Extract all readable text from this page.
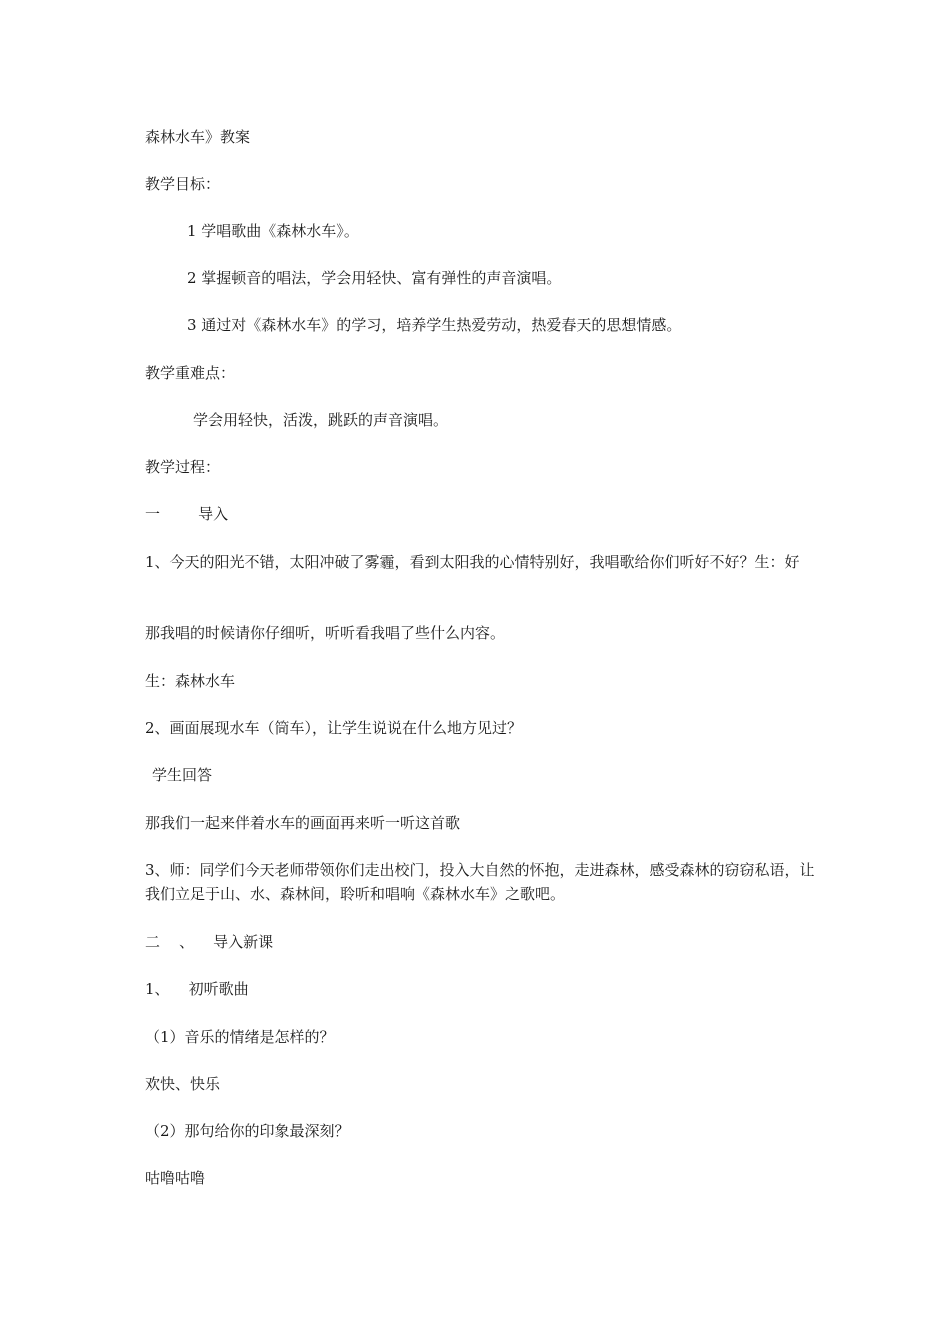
森林水车》教案
教学目标：
1 学唱歌曲《森林水车》。
2 掌握顿音的唱法，学会用轻快、富有弹性的声音演唱。
3 通过对《森林水车》的学习，培养学生热爱劳动，热爱春天的思想情感。
教学重难点：
学会用轻快，活泼，跳跃的声音演唱。
教学过程：
一        导入
1、今天的阳光不错，太阳冲破了雾霾，看到太阳我的心情特别好，我唱歌给你们听好不好？生：好
那我唱的时候请你仔细听，听听看我唱了些什么内容。
生：森林水车
2、画面展现水车（筒车），让学生说说在什么地方见过？
学生回答
那我们一起来伴着水车的画面再来听一听这首歌
3、师：同学们今天老师带领你们走出校门，投入大自然的怀抱，走进森林，感受森林的窃窃私语，让我们立足于山、水、森林间，聆听和唱响《森林水车》之歌吧。
二    、    导入新课
1、    初听歌曲
（1）音乐的情绪是怎样的？
欢快、快乐
（2）那句给你的印象最深刻？
咕噜咕噜
